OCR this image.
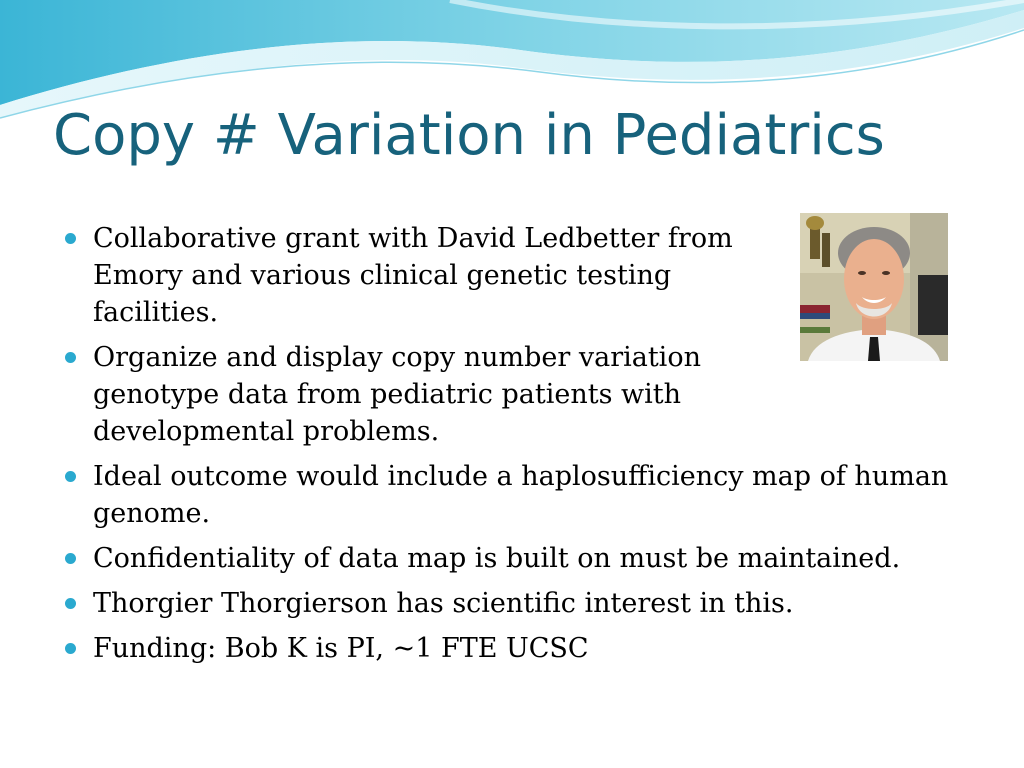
Copy # Variation in Pediatrics
Collaborative grant with David Ledbetter from Emory and various clinical genetic testing facilities.
Organize and display copy number variation genotype data from pediatric patients with developmental problems.
Ideal outcome would include a haplosufficiency map of human genome.
Confidentiality of data map is built on must be maintained.
Thorgier Thorgierson has scientific interest in this.
Funding: Bob K is PI, ~1 FTE UCSC
